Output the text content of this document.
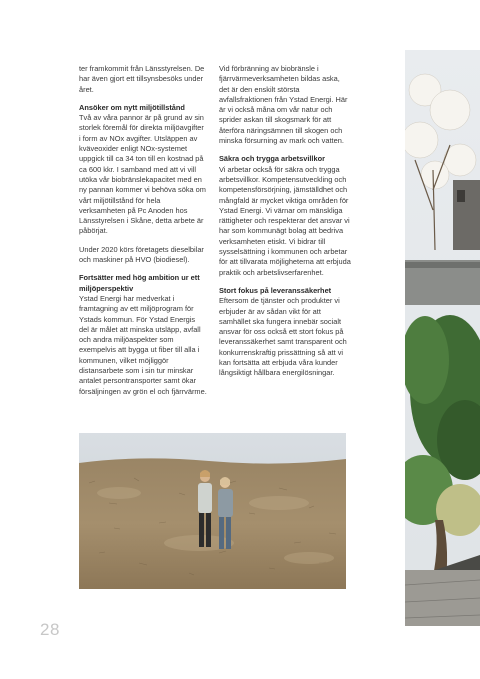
ter framkommit från Länsstyrelsen. De har även gjort ett tillsynsbesöks under året.

Ansöker om nytt miljötillstånd

Två av våra pannor är på grund av sin storlek föremål för direkta miljöavgifter i form av NOx avgifter. Utsläppen av kväveoxider enligt NOx-systemet uppgick till ca 34 ton till en kostnad på ca 600 kkr. I samband med att vi vill utöka vår biobränslekapacitet med en ny pannan kommer vi behöva söka om vårt miljötillstånd för hela verksamheten på Pc Anoden hos Länsstyrelsen i Skåne, detta arbete är påbörjat.

Under 2020 körs företagets dieselbilar och maskiner på HVO (biodiesel).

Fortsätter med hög ambition ur ett miljöperspektiv

Ystad Energi har medverkat i framtagning av ett miljöprogram för Ystads kommun. För Ystad Energis del är målet att minska utsläpp, avfall och andra miljöaspekter som exempelvis att bygga ut fiber till alla i kommunen, vilket möjliggör distansarbete som i sin tur minskar antalet persontransporter samt ökar försäljningen av grön el och fjärrvärme.

Vid förbränning av biobränsle i fjärrvärmeverksamheten bildas aska, det är den enskilt största avfallsfraktionen från Ystad Energi. Här är vi också måna om vår natur och sprider askan till skogsmark för att återföra näringsämnen till skogen och minska försurning av mark och vatten.

Säkra och trygga arbetsvillkor

Vi arbetar också för säkra och trygga arbetsvillkor. Kompetensutveckling och kompetensförsörjning, jämställdhet och mångfald är mycket viktiga områden för Ystad Energi. Vi värnar om mänskliga rättigheter och respekterar det ansvar vi har som kommunägt bolag att bedriva verksamheten etiskt. Vi bidrar till sysselsättning i kommunen och arbetar för att tillvarata möjligheterna att erbjuda praktik och arbetslivserfarenhet.

Stort fokus på leveranssäkerhet

Eftersom de tjänster och produkter vi erbjuder är av sådan vikt för att samhället ska fungera innebär socialt ansvar för oss också ett stort fokus på leveranssäkerhet samt transparent och konkurrenskraftig prissättning så att vi kan fortsätta att erbjuda våra kunder långsiktigt hållbara energilösningar.

28
